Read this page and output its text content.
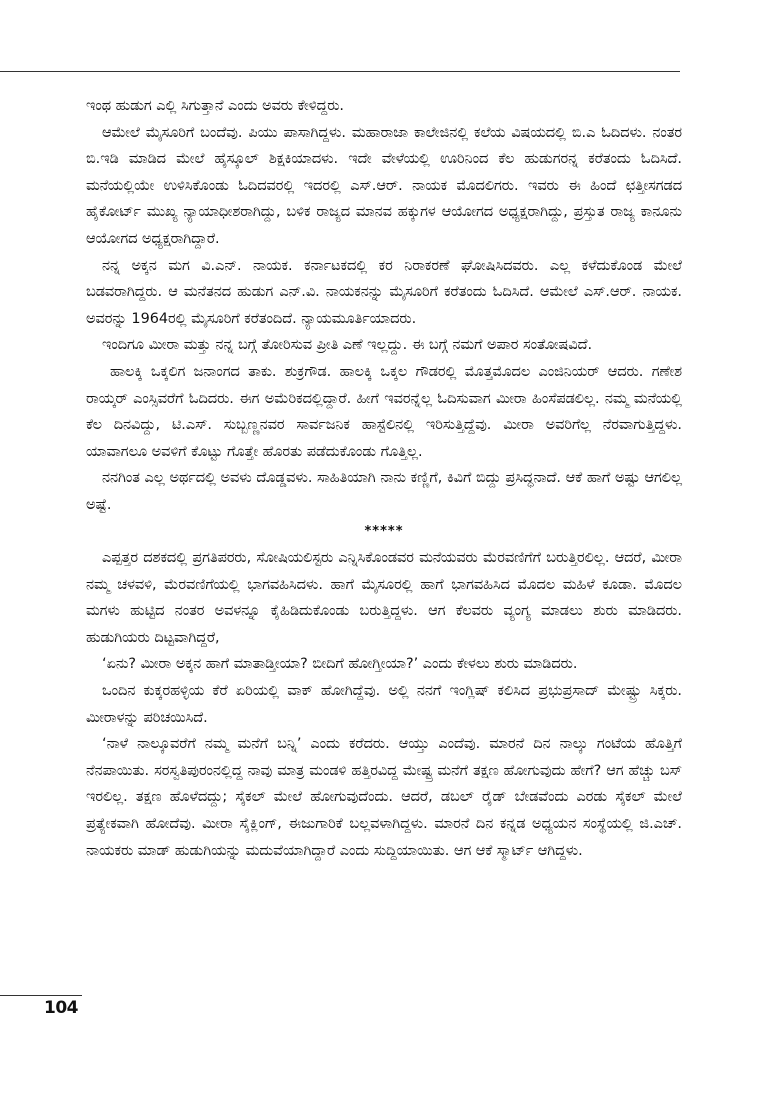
ಇಂಥ ಹುಡುಗ ಎಲ್ಲಿ ಸಿಗುತ್ತಾನೆ ಎಂದು ಅವರು ಕೇಳಿದ್ದರು.

ಆಮೇಲೆ ಮೈಸೂರಿಗೆ ಬಂದೆವು. ಪಿಯು ಪಾಸಾಗಿದ್ದಳು. ಮಹಾರಾಜಾ ಕಾಲೇಜಿನಲ್ಲಿ ಕಲೆಯ ವಿಷಯದಲ್ಲಿ ಬಿ.ಎ ಓದಿದಳು. ನಂತರ ಬಿ.ಇಡಿ ಮಾಡಿದ ಮೇಲೆ ಹೈಸ್ಕೂಲ್ ಶಿಕ್ಷಕಿಯಾದಳು. ಇದೇ ವೇಳೆಯಲ್ಲಿ ಊರಿನಿಂದ ಕೆಲ ಹುಡುಗರನ್ನ ಕರೆತಂದು ಓದಿಸಿದೆ. ಮನೆಯಲ್ಲಿಯೇ ಉಳಿಸಿಕೊಂಡು ಓದಿದವರಲ್ಲಿ ಇದರಲ್ಲಿ ಎಸ್.ಆರ್. ನಾಯಕ ಮೊದಲಿಗರು. ಇವರು ಈ ಹಿಂದೆ ಛತ್ತೀಸಗಡದ ಹೈಕೋರ್ಟ್ ಮುಖ್ಯ ನ್ಯಾಯಾಧೀಶರಾಗಿದ್ದು, ಬಳಿಕ ರಾಜ್ಯದ ಮಾನವ ಹಕ್ಕುಗಳ ಆಯೋಗದ ಅಧ್ಯಕ್ಷರಾಗಿದ್ದು, ಪ್ರಸ್ತುತ ರಾಜ್ಯ ಕಾನೂನು ಆಯೋಗದ ಅಧ್ಯಕ್ಷರಾಗಿದ್ದಾರೆ.

ನನ್ನ ಅಕ್ಕನ ಮಗ ವಿ.ಎನ್. ನಾಯಕ. ಕರ್ನಾಟಕದಲ್ಲಿ ಕರ ನಿರಾಕರಣೆ ಘೋಷಿಸಿದವರು. ಎಲ್ಲ ಕಳೆದುಕೊಂಡ ಮೇಲೆ ಬಡವರಾಗಿದ್ದರು. ಆ ಮನೆತನದ ಹುಡುಗ ಎನ್.ವಿ. ನಾಯಕನನ್ನು ಮೈಸೂರಿಗೆ ಕರೆತಂದು ಓದಿಸಿದೆ. ಆಮೇಲೆ ಎಸ್.ಆರ್. ನಾಯಕ. ಅವರನ್ನು 1964ರಲ್ಲಿ ಮೈಸೂರಿಗೆ ಕರೆತಂದಿದೆ. ನ್ಯಾಯಮೂರ್ತಿಯಾದರು.

ಇಂದಿಗೂ ಮೀರಾ ಮತ್ತು ನನ್ನ ಬಗ್ಗೆ ತೋರಿಸುವ ಪ್ರೀತಿ ಎಣೆ ಇಲ್ಲದ್ದು. ಈ ಬಗ್ಗೆ ನಮಗೆ ಅಪಾರ ಸಂತೋಷವಿದೆ.

ಹಾಲಕ್ಕಿ ಒಕ್ಕಲಿಗ ಜನಾಂಗದ ತಾಕು. ಶುಕ್ರಗೌಡ. ಹಾಲಕ್ಕಿ ಒಕ್ಕಲ ಗೌಡರಲ್ಲಿ ಮೊತ್ತಮೊದಲ ಎಂಜಿನಿಯರ್ ಆದರು. ಗಣೇಶ ರಾಯ್ಕರ್ ಎಂಸ್ಸಿವರೆಗೆ ಓದಿದರು. ಈಗ ಅಮೆರಿಕದಲ್ಲಿದ್ದಾರೆ. ಹೀಗೆ ಇವರನ್ನೆಲ್ಲ ಓದಿಸುವಾಗ ಮೀರಾ ಹಿಂಸೆಪಡಲಿಲ್ಲ. ನಮ್ಮ ಮನೆಯಲ್ಲಿ ಕೆಲ ದಿನವಿದ್ದು, ಟಿ.ಎಸ್. ಸುಬ್ಬಣ್ಣನವರ ಸಾರ್ವಜನಿಕ ಹಾಸ್ಟೆಲಿನಲ್ಲಿ ಇರಿಸುತ್ತಿದ್ದೆವು. ಮೀರಾ ಅವರಿಗೆಲ್ಲ ನೆರವಾಗುತ್ತಿದ್ದಳು. ಯಾವಾಗಲೂ ಅವಳಿಗೆ ಕೊಟ್ಟು ಗೊತ್ತೇ ಹೊರತು ಪಡೆದುಕೊಂಡು ಗೊತ್ತಿಲ್ಲ.

ನನಗಿಂತ ಎಲ್ಲ ಅರ್ಥದಲ್ಲಿ ಅವಳು ದೊಡ್ಡವಳು. ಸಾಹಿತಿಯಾಗಿ ನಾನು ಕಣ್ಣಿಗೆ, ಕಿವಿಗೆ ಬಿದ್ದು ಪ್ರಸಿದ್ಧನಾದೆ. ಆಕೆ ಹಾಗೆ ಅಷ್ಟು ಆಗಲಿಲ್ಲ ಅಷ್ಟೆ.

*****

ಎಪ್ಪತ್ತರ ದಶಕದಲ್ಲಿ ಪ್ರಗತಿಪರರು, ಸೋಷಿಯಲಿಸ್ಟರು ಎನ್ನಿಸಿಕೊಂಡವರ ಮನೆಯವರು ಮೆರವಣಿಗೆಗೆ ಬರುತ್ತಿರಲಿಲ್ಲ. ಆದರೆ, ಮೀರಾ ನಮ್ಮ ಚಳವಳಿ, ಮೆರವಣಿಗೆಯಲ್ಲಿ ಭಾಗವಹಿಸಿದಳು. ಹಾಗೆ ಮೈಸೂರಲ್ಲಿ ಹಾಗೆ ಭಾಗವಹಿಸಿದ ಮೊದಲ ಮಹಿಳೆ ಕೂಡಾ. ಮೊದಲ ಮಗಳು ಹುಟ್ಟಿದ ನಂತರ ಅವಳನ್ನೂ ಕೈಹಿಡಿದುಕೊಂಡು ಬರುತ್ತಿದ್ದಳು. ಆಗ ಕೆಲವರು ವ್ಯಂಗ್ಯ ಮಾಡಲು ಶುರು ಮಾಡಿದರು. ಹುಡುಗಿಯರು ದಿಟ್ಟವಾಗಿದ್ದರೆ,

‘ಏನು? ಮೀರಾ ಅಕ್ಕನ ಹಾಗೆ ಮಾತಾಡ್ತೀಯಾ? ಬೀದಿಗೆ ಹೋಗ್ತೀಯಾ?’ ಎಂದು ಕೇಳಲು ಶುರು ಮಾಡಿದರು.

ಒಂದಿನ ಕುಕ್ಕರಹಳ್ಳಿಯ ಕೆರೆ ಏರಿಯಲ್ಲಿ ವಾಕ್ ಹೋಗಿದ್ದೆವು. ಅಲ್ಲಿ ನನಗೆ ಇಂಗ್ಲಿಷ್ ಕಲಿಸಿದ ಪ್ರಭುಪ್ರಸಾದ್ ಮೇಷ್ಟ್ರು ಸಿಕ್ಕರು. ಮೀರಾಳನ್ನು ಪರಿಚಯಿಸಿದೆ.

‘ನಾಳೆ ನಾಲ್ಕೂವರೆಗೆ ನಮ್ಮ ಮನೆಗೆ ಬನ್ನಿ’ ಎಂದು ಕರೆದರು. ಆಯ್ತು ಎಂದೆವು. ಮಾರನೆ ದಿನ ನಾಲ್ಕು ಗಂಟೆಯ ಹೊತ್ತಿಗೆ ನೆನಪಾಯಿತು. ಸರಸ್ವತಿಪುರಂನಲ್ಲಿದ್ದ ನಾವು ಮಾತ್ರ ಮಂಡಳಿ ಹತ್ತಿರವಿದ್ದ ಮೇಷ್ಟ್ರ ಮನೆಗೆ ತಕ್ಷಣ ಹೋಗುವುದು ಹೇಗೆ? ಆಗ ಹೆಚ್ಚು ಬಸ್ ಇರಲಿಲ್ಲ. ತಕ್ಷಣ ಹೊಳೆದದ್ದು; ಸೈಕಲ್ ಮೇಲೆ ಹೋಗುವುದೆಂದು. ಆದರೆ, ಡಬಲ್ ರೈಡ್ ಬೇಡವೆಂದು ಎರಡು ಸೈಕಲ್ ಮೇಲೆ ಪ್ರತ್ಯೇಕವಾಗಿ ಹೋದೆವು. ಮೀರಾ ಸೈಕ್ಲಿಂಗ್, ಈಜುಗಾರಿಕೆ ಬಲ್ಲವಳಾಗಿದ್ದಳು. ಮಾರನೆ ದಿನ ಕನ್ನಡ ಅಧ್ಯಯನ ಸಂಸ್ಥೆಯಲ್ಲಿ ಜಿ.ಎಚ್. ನಾಯಕರು ಮಾಡ್ ಹುಡುಗಿಯನ್ನು ಮದುವೆಯಾಗಿದ್ದಾರೆ ಎಂದು ಸುದ್ದಿಯಾಯಿತು. ಆಗ ಆಕೆ ಸ್ಮಾರ್ಟ್ ಆಗಿದ್ದಳು.

104
